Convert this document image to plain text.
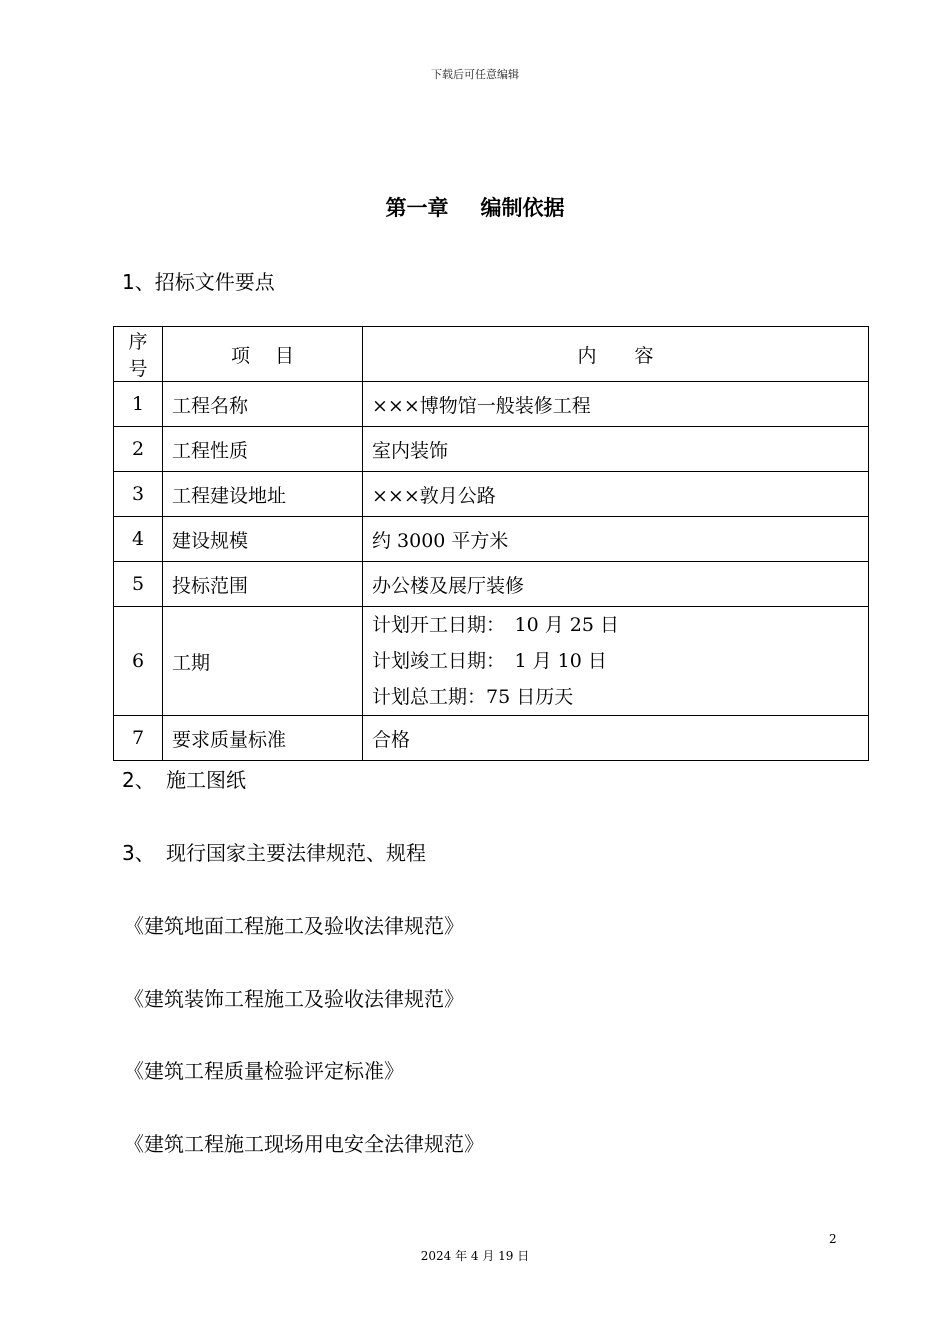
下载后可任意编辑
第一章 编制依据
1、招标文件要点
序号	项　 目	内　　容
1	工程名称	×××博物馆一般装修工程
2	工程性质	室内装饰
3	工程建设地址	×××敦月公路
4	建设规模	约 3000 平方米
5	投标范围	办公楼及展厅装修
6	工期	计划开工日期：　10 月 25 日
计划竣工日期：　1 月 10 日
计划总工期：75 日历天

7	要求质量标准	合格
2、 施工图纸
3、 现行国家主要法律规范、规程
《建筑地面工程施工及验收法律规范》
《建筑装饰工程施工及验收法律规范》
《建筑工程质量检验评定标准》
《建筑工程施工现场用电安全法律规范》
2
2024 年 4 月 19 日
